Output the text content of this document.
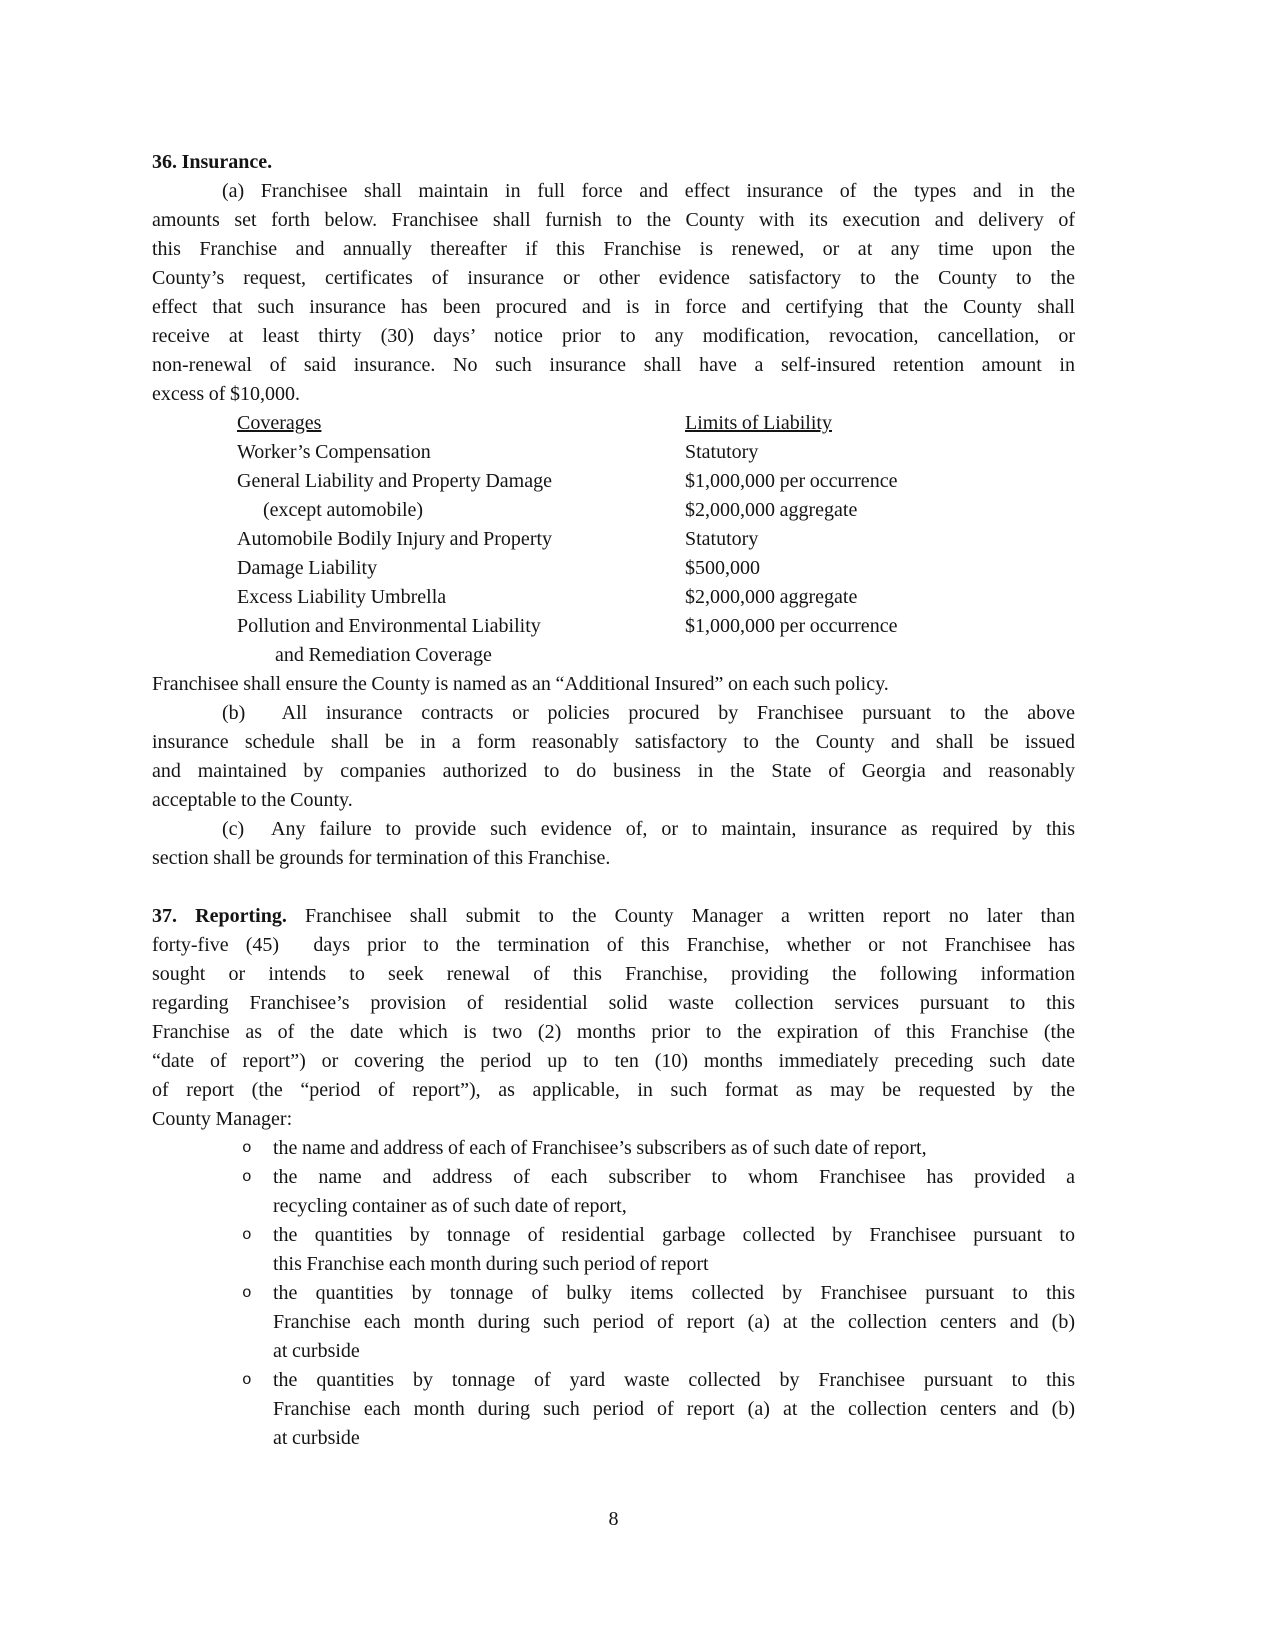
36. Insurance.
(a) Franchisee shall maintain in full force and effect insurance of the types and in the
amounts set forth below. Franchisee shall furnish to the County with its execution and delivery of
this Franchise and annually thereafter if this Franchise is renewed, or at any time upon the
County’s request, certificates of insurance or other evidence satisfactory to the County to the
effect that such insurance has been procured and is in force and certifying that the County shall
receive at least thirty (30) days’ notice prior to any modification, revocation, cancellation, or
non-renewal of said insurance. No such insurance shall have a self-insured retention amount in
excess of $10,000.
Coverages	Limits of Liability
Worker’s Compensation	Statutory
General Liability and Property Damage	$1,000,000 per occurrence
(except automobile)	$2,000,000 aggregate
Automobile Bodily Injury and Property	Statutory
Damage Liability	$500,000
Excess Liability Umbrella	$2,000,000 aggregate
Pollution and Environmental Liability	$1,000,000 per occurrence
and Remediation Coverage
Franchisee shall ensure the County is named as an “Additional Insured” on each such policy.
(b)  All insurance contracts or policies procured by Franchisee pursuant to the above
insurance schedule shall be in a form reasonably satisfactory to the County and shall be issued
and maintained by companies authorized to do business in the State of Georgia and reasonably
acceptable to the County.
(c)  Any failure to provide such evidence of, or to maintain, insurance as required by this
section shall be grounds for termination of this Franchise.
37. Reporting. Franchisee shall submit to the County Manager a written report no later than
forty-five (45)  days prior to the termination of this Franchise, whether or not Franchisee has
sought or intends to seek renewal of this Franchise, providing the following information
regarding Franchisee’s provision of residential solid waste collection services pursuant to this
Franchise as of the date which is two (2) months prior to the expiration of this Franchise (the
“date of report”) or covering the period up to ten (10) months immediately preceding such date
of report (the “period of report”), as applicable, in such format as may be requested by the
County Manager:
o	the name and address of each of Franchisee’s subscribers as of such date of report,
o	the name and address of each subscriber to whom Franchisee has provided a
recycling container as of such date of report,
o	the quantities by tonnage of residential garbage collected by Franchisee pursuant to
this Franchise each month during such period of report
o	the quantities by tonnage of bulky items collected by Franchisee pursuant to this
Franchise each month during such period of report (a) at the collection centers and (b)
at curbside
o	the quantities by tonnage of yard waste collected by Franchisee pursuant to this
Franchise each month during such period of report (a) at the collection centers and (b)
at curbside
8
